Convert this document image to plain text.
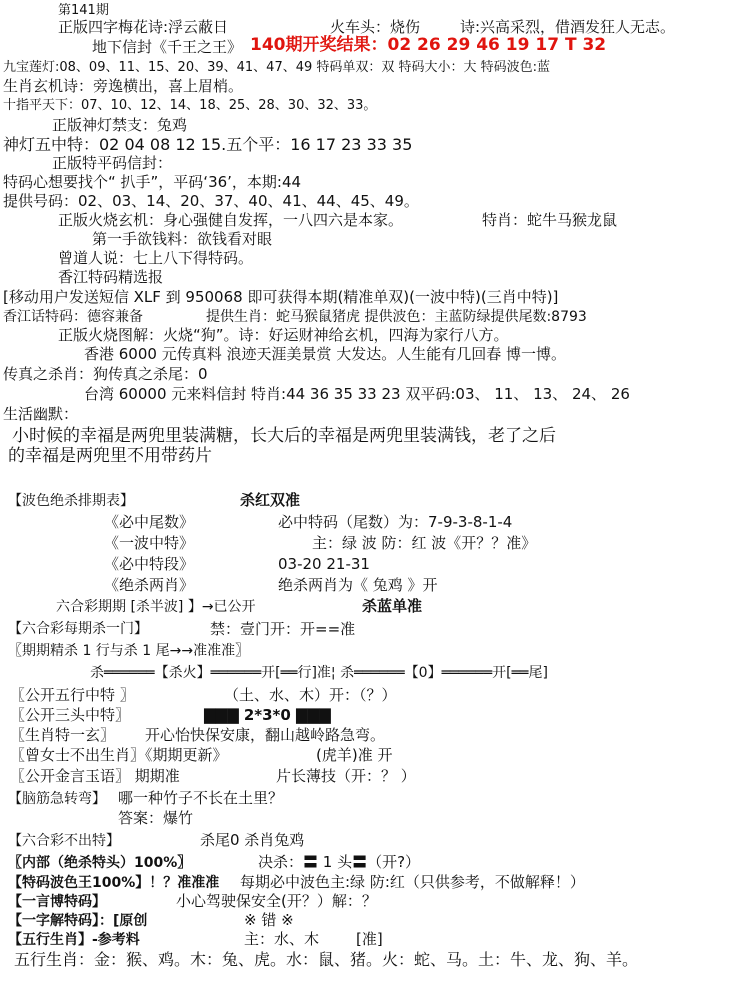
第141期
正版四字梅花诗:浮云蔽日	火车头：烧伤	诗:兴高采烈，借酒发狂人无志。
地下信封《千王之王》 140期开奖结果：02 26 29 46 19 17 T 32
九宝莲灯:08、09、11、15、20、39、41、47、49 特码单双：双 特码大小：大 特码波色:蓝
生肖玄机诗：旁逸横出，喜上眉梢。
十指平天下：07、10、12、14、18、25、28、30、32、33。
正版神灯禁支：兔鸡
神灯五中特：02 04 08 12 15.五个平：16 17 23 33 35
正版特平码信封：
特码心想要找个“ 扒手”，平码‘36’，本期:44
提供号码：02、03、14、20、37、40、41、44、45、49。
正版火烧玄机：身心强健自发挥，一八四六是本家。	特肖：蛇牛马猴龙鼠
第一手欲钱料：欲钱看对眼
曾道人说：七上八下得特码。
香江特码精选报
[移动用户发送短信 XLF 到 950068 即可获得本期(精准单双)(一波中特)(三肖中特)]
香江话特码：德容兼备	提供生肖：蛇马猴鼠猪虎 提供波色：主蓝防绿提供尾数:8793
正版火烧图解：火烧“狗”。诗：好运财神给玄机，四海为家行八方。
香港 6000 元传真料 浪迹天涯美景赏 大发达。人生能有几回春 博一博。
传真之杀肖：狗传真之杀尾：0
台湾 60000 元来料信封 特肖:44 36 35 33 23 双平码:03、 11、 13、 24、 26
生活幽默：
小时候的幸福是两兜里装满糖，长大后的幸福是两兜里装满钱，老了之后
的幸福是两兜里不用带药片
【波色绝杀排期表】	杀红双准
《必中尾数》	必中特码（尾数）为：7-9-3-8-1-4
《一波中特》	主：绿 波 防：红 波《开？？准》
《必中特段》	03-20 21-31
《绝杀两肖》	绝杀两肖为《 兔鸡 》开
六合彩期期 [杀半波] 】→已公开	杀蓝单准
【六合彩每期杀一门】	禁：壹门开：开==准
〖期期精杀 1 行与杀 1 尾→→准准准〗
杀══════【杀火】══════开[══行]准¦ 杀══════【0】══════开[══尾]
〖公开五行中特 〗	（土、水、木）开：（？）
〖公开三头中特〗	▇▇▇ 2*3*0 ▇▇▇
〖生肖特一玄〗 开心怡快保安康，翻山越岭路急弯。
〖曾女士不出生肖〗《期期更新》	(虎羊)准 开
〖公开金言玉语〗 期期准	片长薄技（开：？ ）
【脑筋急转弯】 哪一种竹子不长在土里？
答案：爆竹
【六合彩不出特】	杀尾0 杀肖兔鸡
〖内部（绝杀特头）100%〗	决杀：〓 1 头〓（开?）
【特码波色王100%】！？准准准 每期必中波色主:绿 防:红（只供参考，不做解释！）
【一言博特码】	小心驾驶保安全(开？）解：？
【一字解特码】：[原创	※ 错 ※
【五行生肖】-参考料	主：水、木 [准]
五行生肖：金：猴、鸡。木：兔、虎。水：鼠、猪。火：蛇、马。土：牛、龙、狗、羊。
